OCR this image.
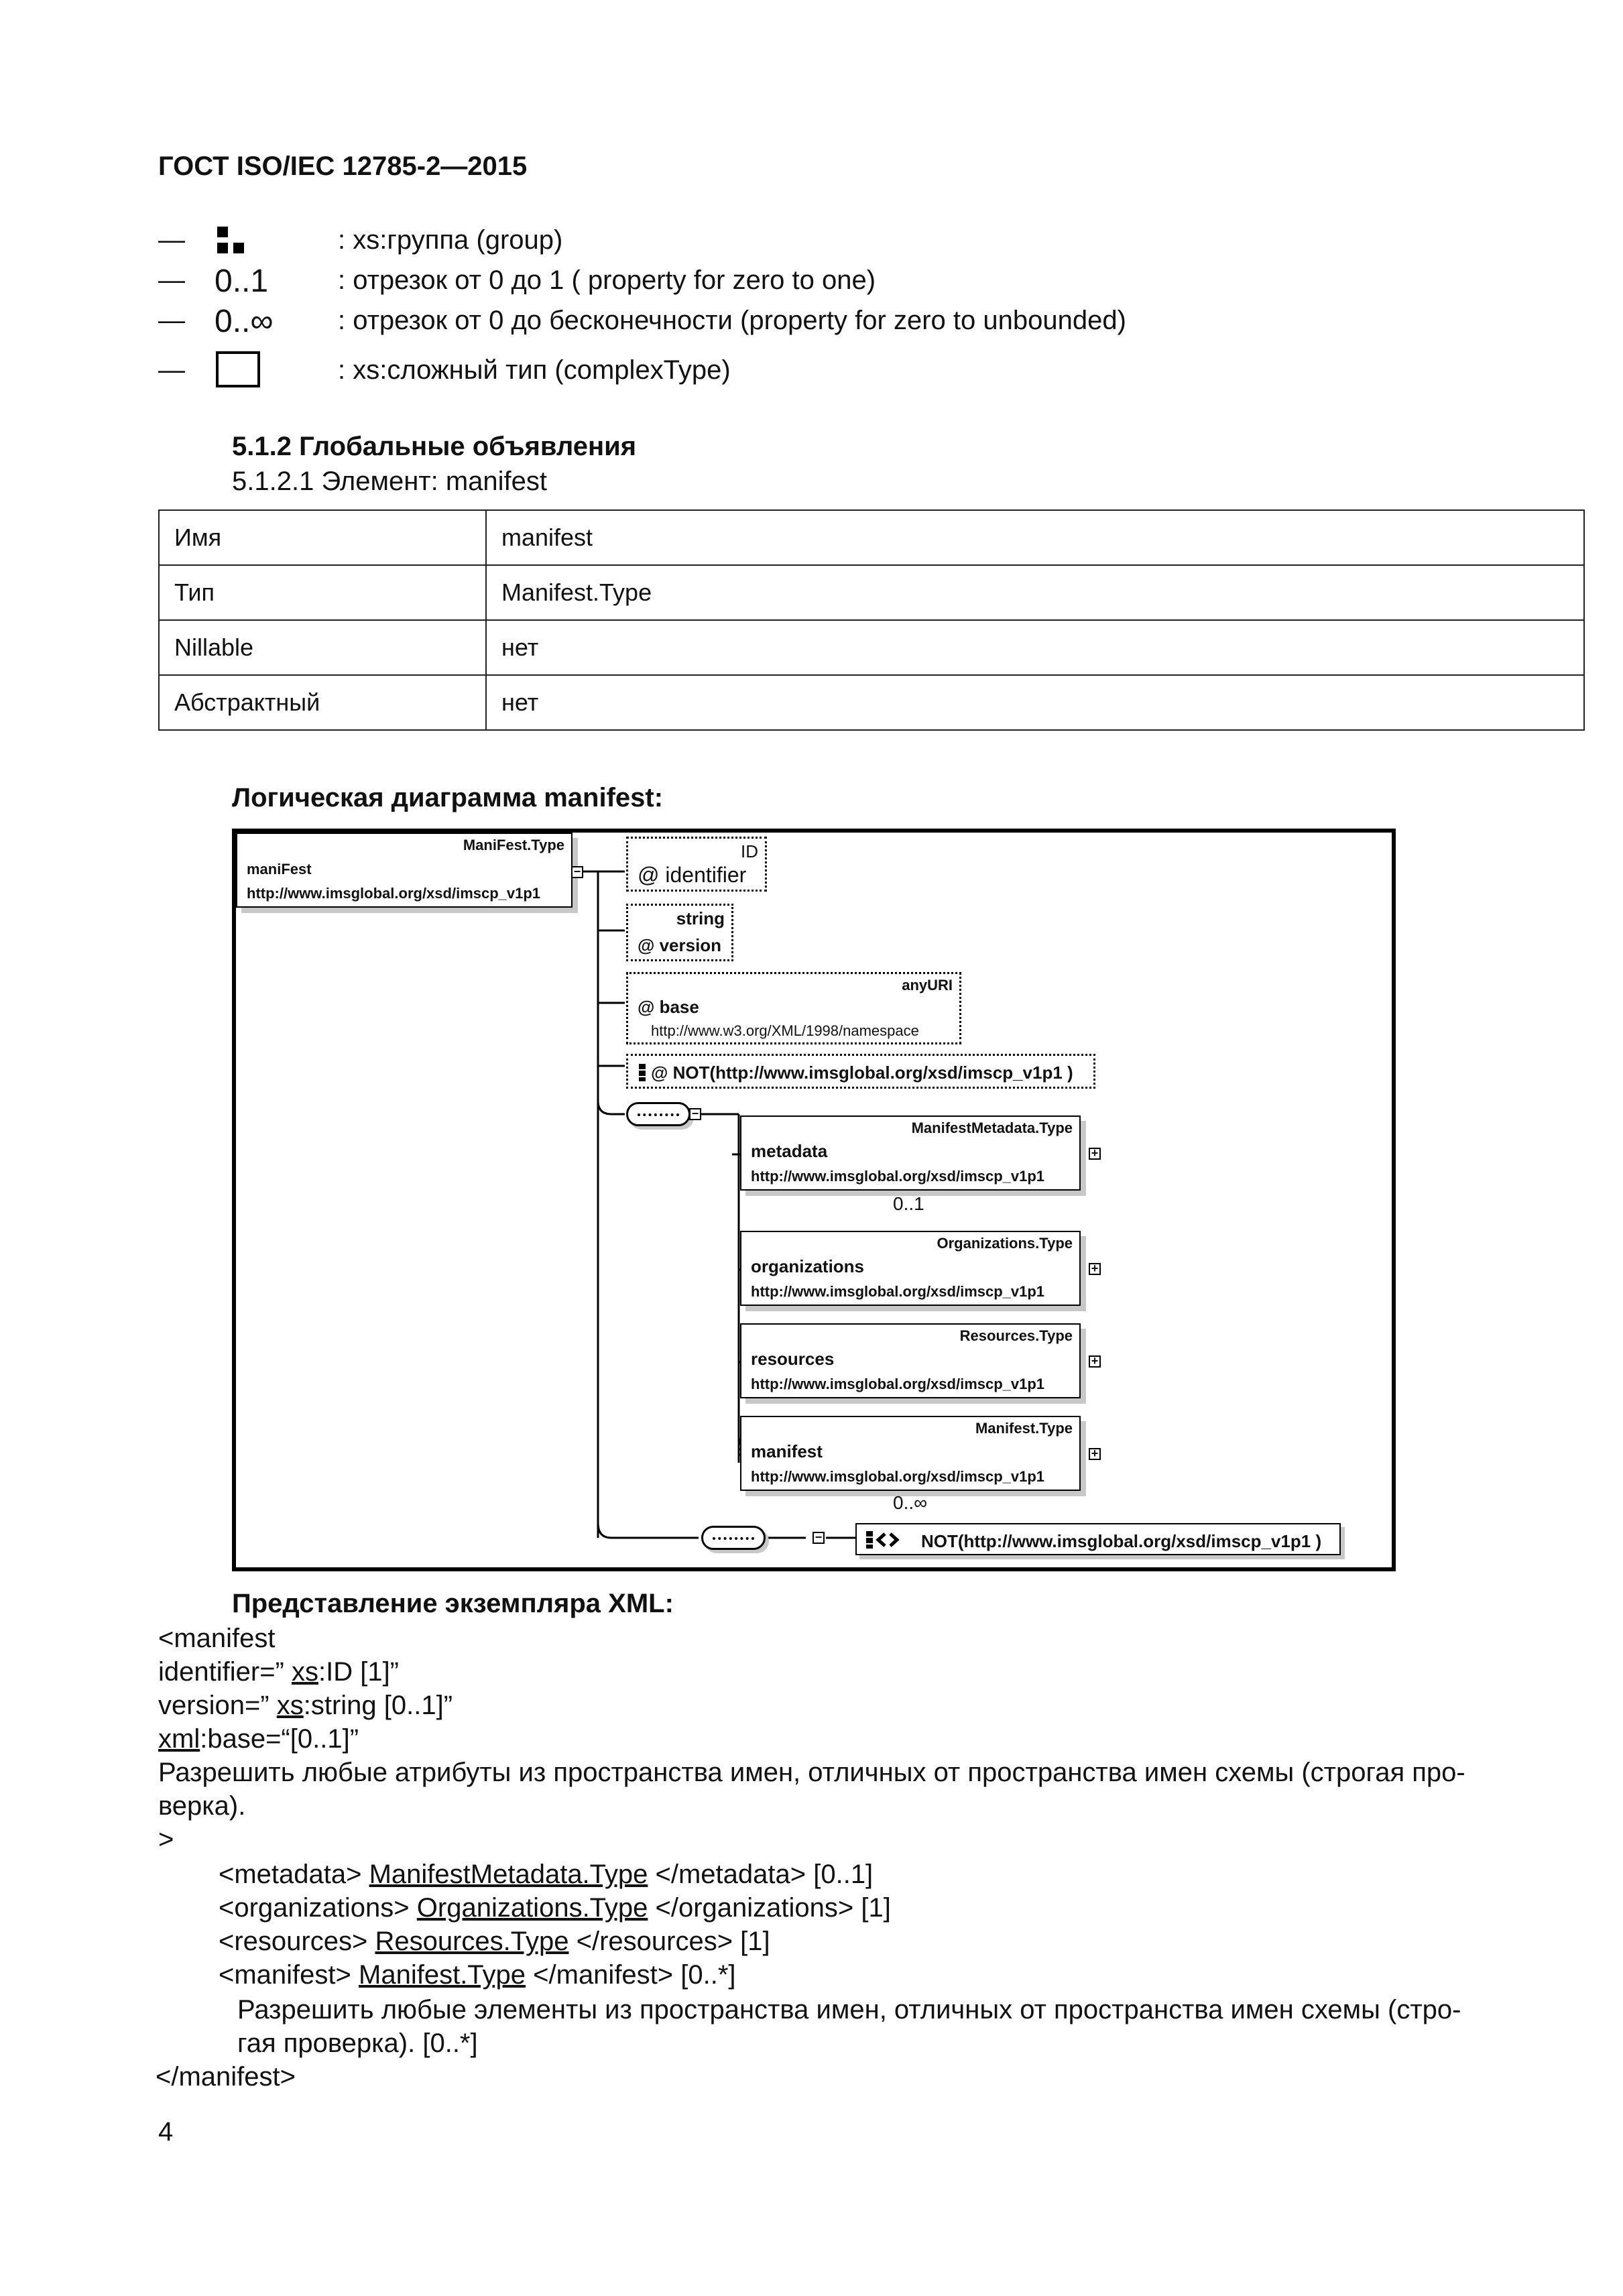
ГОСТ ISO/IEC 12785-2—2015
—	: xs:группа (group)
— 0..1	: отрезок от 0 до 1 ( property for zero to one)
— 0..∞ : отрезок от 0 до бесконечности (property for zero to unbounded)
—	: xs:сложный тип (complexType)
5.1.2 Глобальные объявления
5.1.2.1 Элемент: manifest
Имя	manifest
Тип	Manifest.Type
Nillable	нет
Абстрактный	нет
Логическая диаграмма manifest:
ManiFest.Type
maniFest
http://www.imsglobal.org/xsd/imscp_v1p1
−
ID
@ identifier
string
@ version
anyURI
@ base
http://www.w3.org/XML/1998/namespace
@ NOT(http://www.imsglobal.org/xsd/imscp_v1p1 )
−
ManifestMetadata.Type
metadata
http://www.imsglobal.org/xsd/imscp_v1p1
+
0..1
Organizations.Type
organizations
http://www.imsglobal.org/xsd/imscp_v1p1
+
Resources.Type
resources
http://www.imsglobal.org/xsd/imscp_v1p1
+
Manifest.Type
manifest
http://www.imsglobal.org/xsd/imscp_v1p1
+
0..∞
−	NOT(http://www.imsglobal.org/xsd/imscp_v1p1 )
Представление экземпляра XML:
<manifest
identifier=” xs:ID [1]”
version=” xs:string [0..1]”
xml:base=“[0..1]”
Разрешить любые атрибуты из пространства имен, отличных от пространства имен схемы (строгая про-
верка).
>
<metadata> ManifestMetadata.Type </metadata> [0..1]
<organizations> Organizations.Type </organizations> [1]
<resources> Resources.Type </resources> [1]
<manifest> Manifest.Type </manifest> [0..*]
Разрешить любые элементы из пространства имен, отличных от пространства имен схемы (стро-
гая проверка). [0..*]
</manifest>
4
